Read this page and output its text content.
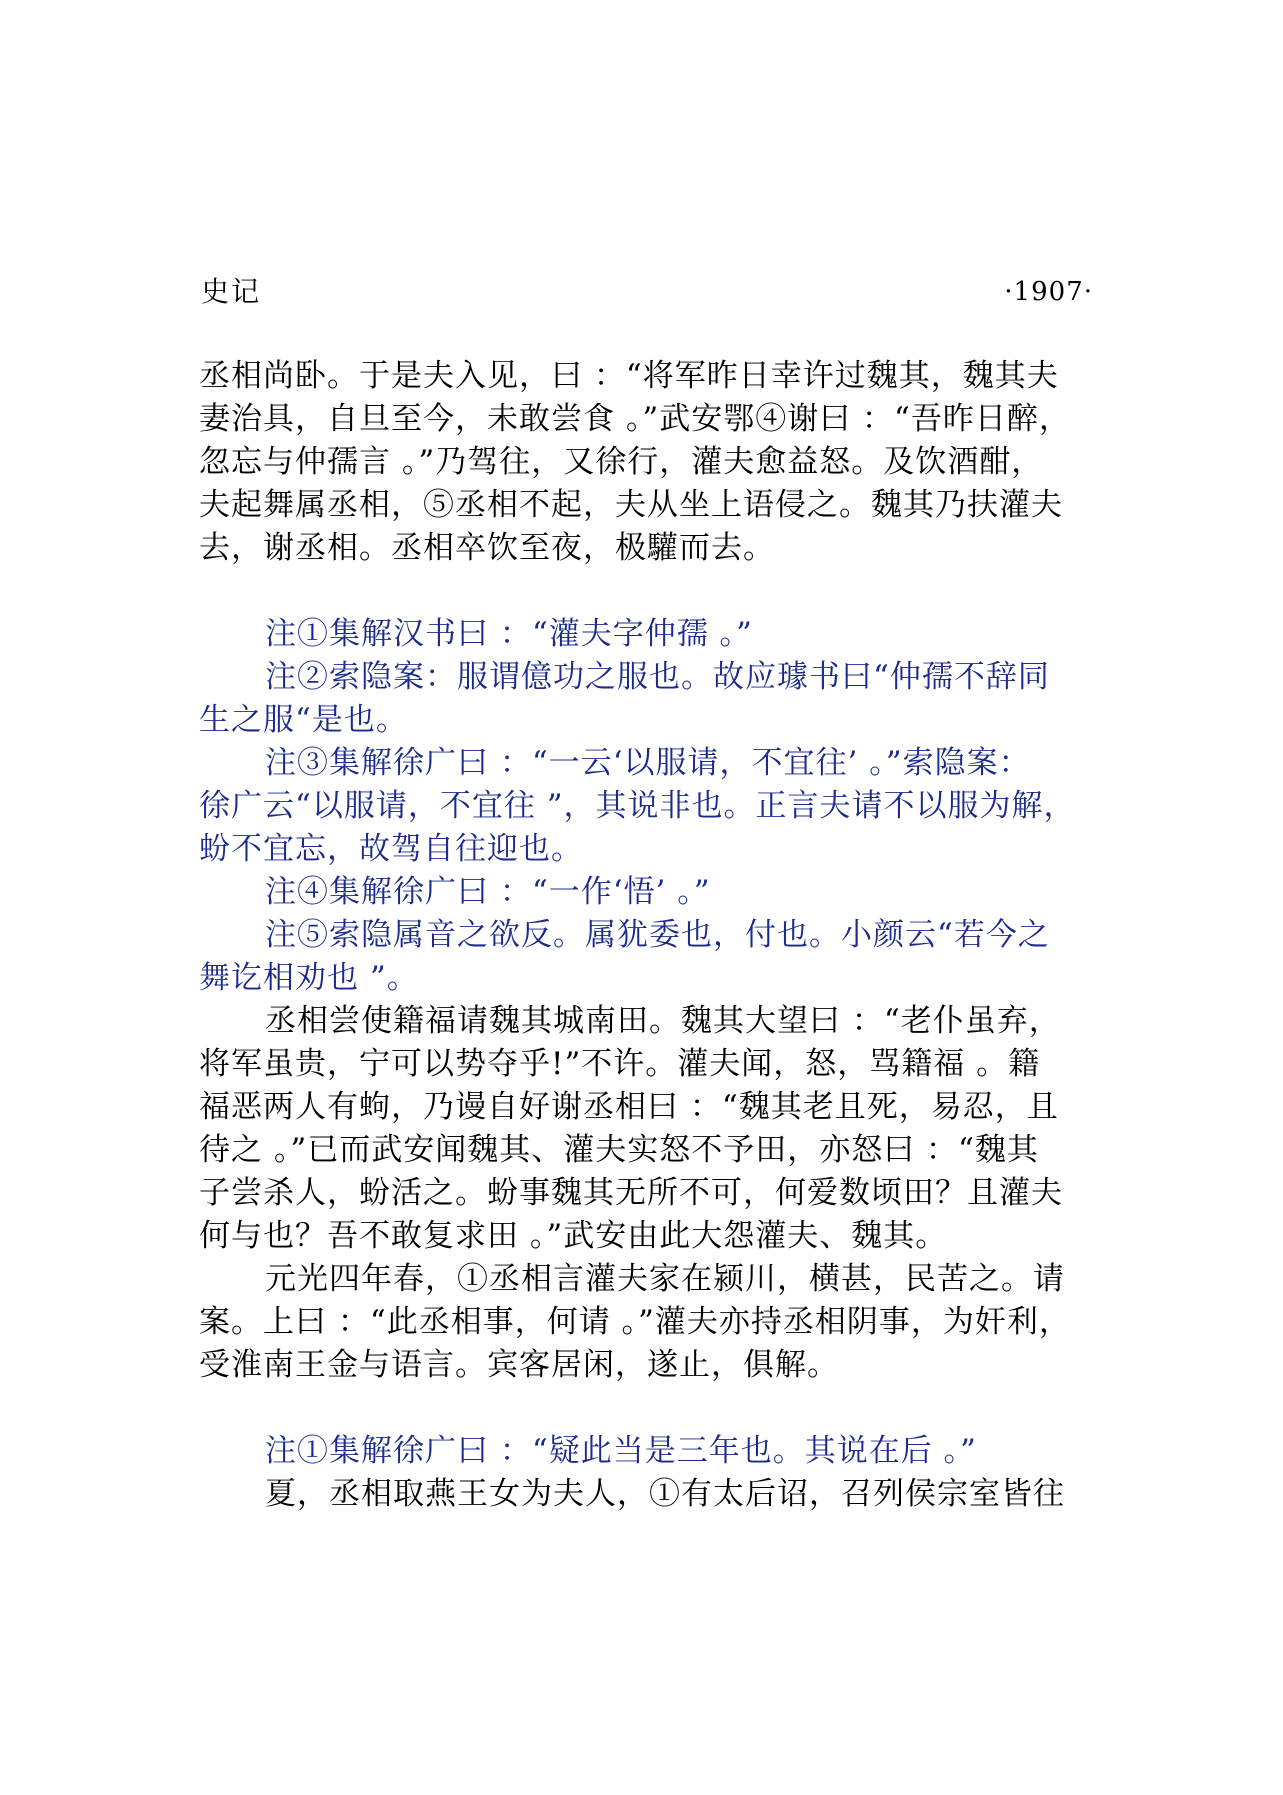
史记	·1907·
丞相尚卧。于是夫入见，曰 ：“将军昨日幸许过魏其，魏其夫
妻治具，自旦至今，未敢尝食 。”武安鄂④谢曰 ：“吾昨日醉，
忽忘与仲孺言 。”乃驾往，又徐行，灌夫愈益怒。及饮酒酣，
夫起舞属丞相，⑤丞相不起，夫从坐上语侵之。魏其乃扶灌夫
去，谢丞相。丞相卒饮至夜，极驩而去。
注①集解汉书曰 ：“灌夫字仲孺 。”
注②索隐案：服谓億功之服也。故应璩书曰“仲孺不辞同
生之服“是也。
注③集解徐广曰 ：“一云‘以服请，不宜往’ 。”索隐案：
徐广云“以服请，不宜往 ”，其说非也。正言夫请不以服为解，
蚡不宜忘，故驾自往迎也。
注④集解徐广曰 ：“一作‘悟’ 。”
注⑤索隐属音之欲反。属犹委也，付也。小颜云“若今之
舞讫相劝也 ”。
丞相尝使籍福请魏其城南田。魏其大望曰 ：“老仆虽弃，
将军虽贵，宁可以势夺乎!”不许。灌夫闻，怒，骂籍福 。籍
福恶两人有蚼，乃谩自好谢丞相曰 ：“魏其老且死，易忍，且
待之 。”已而武安闻魏其、灌夫实怒不予田，亦怒曰 ：“魏其
子尝杀人，蚡活之。蚡事魏其无所不可，何爱数顷田？且灌夫
何与也？吾不敢复求田 。”武安由此大怨灌夫、魏其。
元光四年春，①丞相言灌夫家在颍川，横甚，民苦之。请
案。上曰 ：“此丞相事，何请 。”灌夫亦持丞相阴事，为奸利，
受淮南王金与语言。宾客居闲，遂止，俱解。
注①集解徐广曰 ：“疑此当是三年也。其说在后 。”
夏，丞相取燕王女为夫人，①有太后诏，召列侯宗室皆往
